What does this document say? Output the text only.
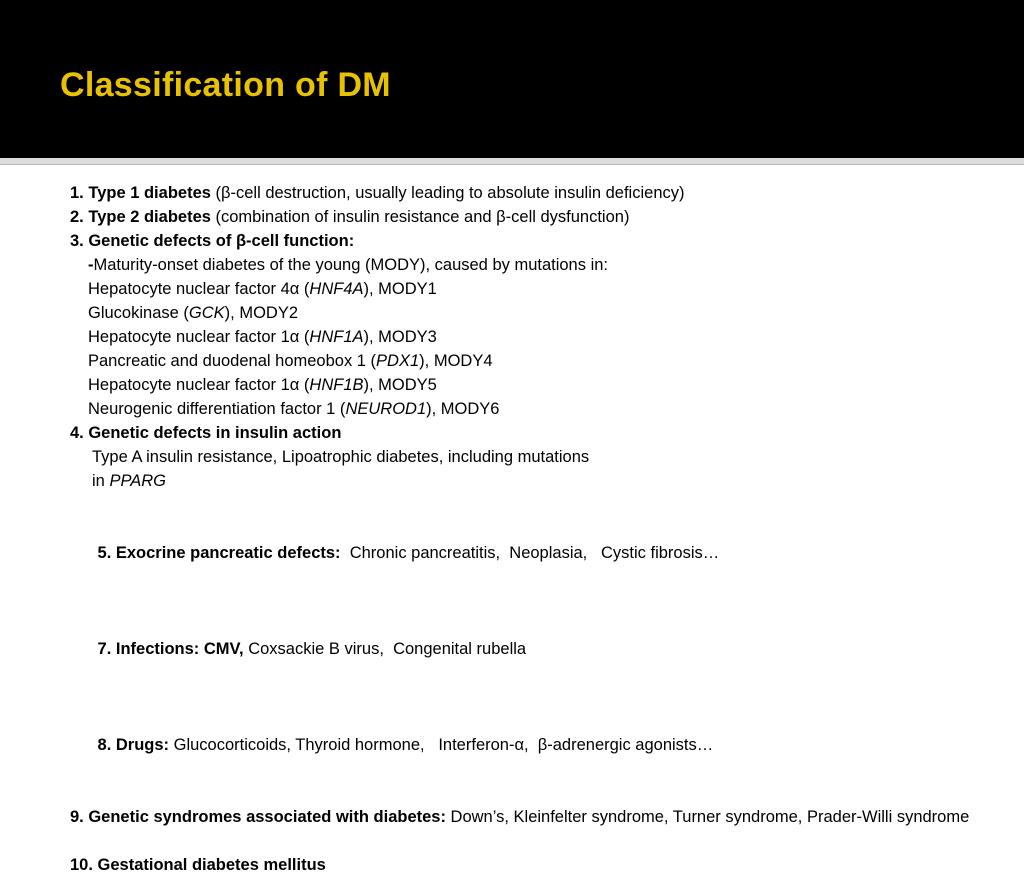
Classification of DM
1. Type 1 diabetes (β-cell destruction, usually leading to absolute insulin deficiency)
2. Type 2 diabetes (combination of insulin resistance and β-cell dysfunction)
3. Genetic defects of β-cell function:
-Maturity-onset diabetes of the young (MODY), caused by mutations in:
Hepatocyte nuclear factor 4α (HNF4A), MODY1
Glucokinase (GCK), MODY2
Hepatocyte nuclear factor 1α (HNF1A), MODY3
Pancreatic and duodenal homeobox 1 (PDX1), MODY4
Hepatocyte nuclear factor 1α (HNF1B), MODY5
Neurogenic differentiation factor 1 (NEUROD1), MODY6
4. Genetic defects in insulin action
Type A insulin resistance, Lipoatrophic diabetes, including mutations
in PPARG

5. Exocrine pancreatic defects:  Chronic pancreatitis,  Neoplasia,   Cystic fibrosis…

7. Infections: CMV, Coxsackie B virus,  Congenital rubella

8. Drugs: Glucocorticoids, Thyroid hormone,   Interferon-α,  β-adrenergic agonists…

9. Genetic syndromes associated with diabetes: Down’s, Kleinfelter syndrome, Turner syndrome, Prader-Willi syndrome
10. Gestational diabetes mellitus
